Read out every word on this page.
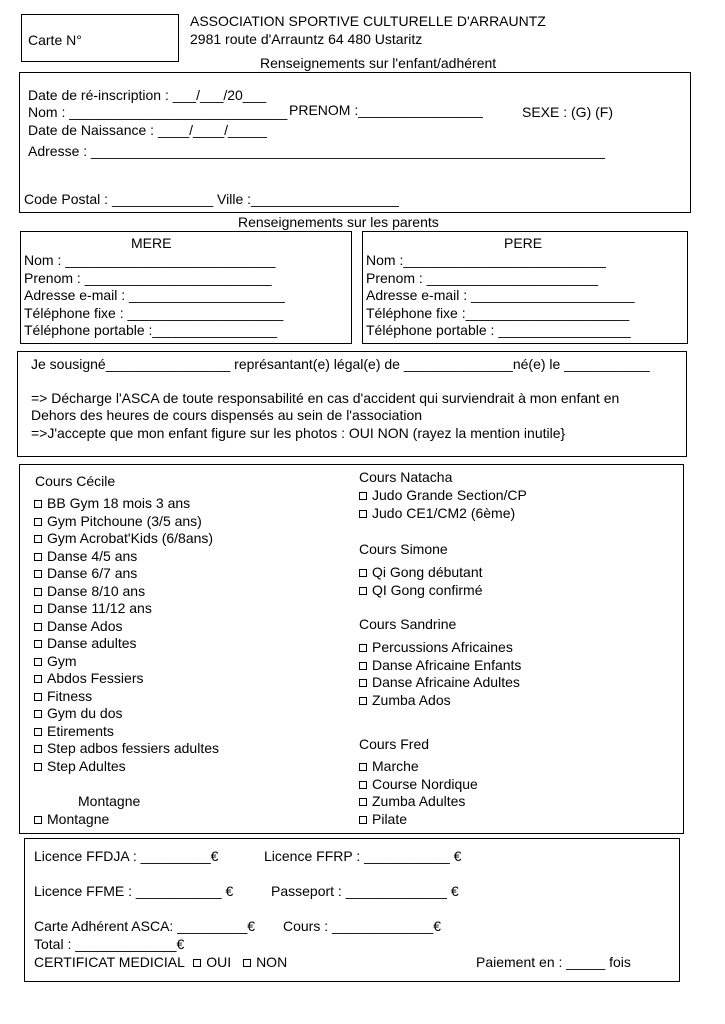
Carte N°
ASSOCIATION SPORTIVE CULTURELLE D'ARRAUNTZ
2981 route d'Arrauntz 64 480 Ustaritz
Renseignements sur l'enfant/adhérent
Date de ré-inscription : ___/___/20___
Nom : ____________________________ PRENOM :________________	SEXE : (G) (F)
Date de Naissance : ____/____/_____
Adresse : __________________________________________________________________
Code Postal : _____________ Ville :___________________
Renseignements sur les parents
MERE
Nom : ___________________________
Prenom : ________________________
Adresse e-mail : ____________________
Téléphone fixe : ____________________
Téléphone portable :________________
PERE
Nom :__________________________
Prenom : ______________________
Adresse e-mail : _____________________
Téléphone fixe :_____________________
Téléphone portable : _________________
Je sousigné________________ représantant(e) légal(e) de ______________né(e) le ___________
=> Décharge l'ASCA de toute responsabilité en cas d'accident qui surviendrait à mon enfant en
Dehors des heures de cours dispensés au sein de l'association
=>J'accepte que mon enfant figure sur les photos : OUI NON (rayez la mention inutile}
Cours Cécile
BB Gym 18 mois 3 ans
Gym Pitchoune (3/5 ans)
Gym Acrobat'Kids (6/8ans)
Danse 4/5 ans
Danse 6/7 ans
Danse 8/10 ans
Danse 11/12 ans
Danse Ados
Danse adultes
Gym
Abdos Fessiers
Fitness
Gym du dos
Etirements
Step adbos fessiers adultes
Step Adultes
Montagne
Montagne
Cours Natacha
Judo Grande Section/CP
Judo CE1/CM2 (6ème)
Cours Simone
Qi Gong débutant
QI Gong confirmé
Cours Sandrine
Percussions Africaines
Danse Africaine Enfants
Danse Africaine Adultes
Zumba Ados
Cours Fred
Marche
Course Nordique
Zumba Adultes
Pilate
Licence FFDJA : _________€	Licence FFRP : ___________ €
Licence FFME : ___________ €	Passeport : _____________ €
Carte Adhérent ASCA: _________€ Cours : _____________€
Total : _____________€
CERTIFICAT MEDICIAL OUI NON	Paiement en : _____ fois
